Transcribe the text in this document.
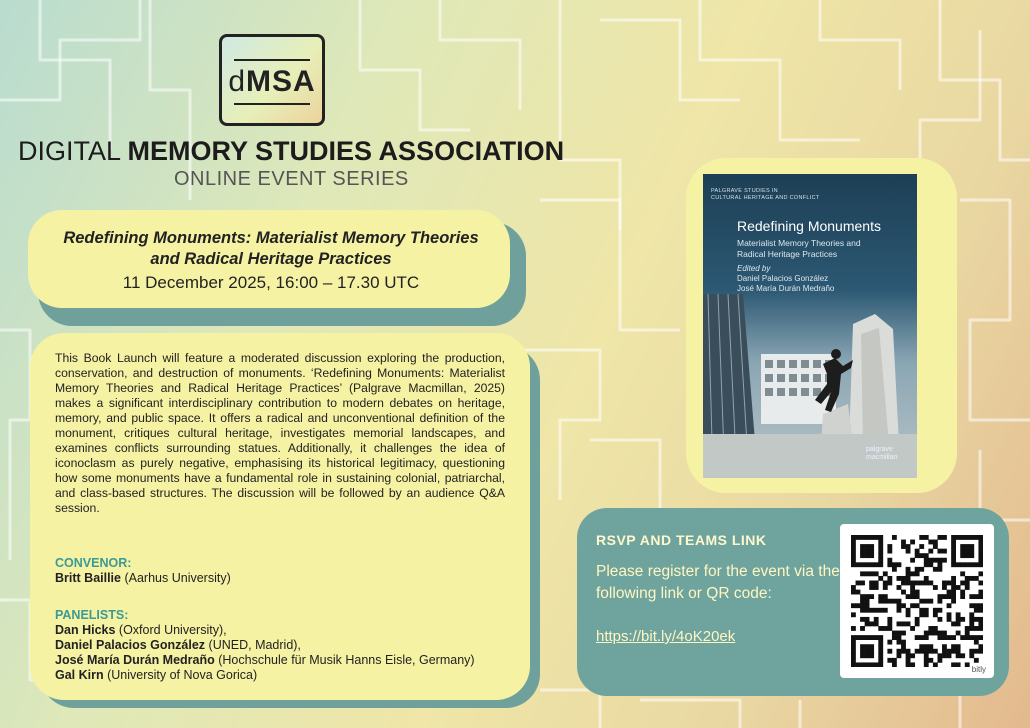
dMSA
DIGITAL MEMORY STUDIES ASSOCIATION
ONLINE EVENT SERIES
Redefining Monuments: Materialist Memory Theories and Radical Heritage Practices
11 December 2025, 16:00 – 17.30 UTC

This Book Launch will feature a moderated discussion exploring the production, conservation, and destruction of monuments. ‘Redefining Monuments: Materialist Memory Theories and Radical Heritage Practices’ (Palgrave Macmillan, 2025) makes a significant interdisciplinary contribution to modern debates on heritage, memory, and public space. It offers a radical and unconventional definition of the monument, critiques cultural heritage, investigates memorial landscapes, and examines conflicts surrounding statues. Additionally, it challenges the idea of iconoclasm as purely negative, emphasising its historical legitimacy, questioning how some monuments have a fundamental role in sustaining colonial, patriarchal, and class-based structures. The discussion will be followed by an audience Q&A session.

CONVENOR:
Britt Baillie (Aarhus University)
PANELISTS:
Dan Hicks (Oxford University),
Daniel Palacios González (UNED, Madrid),
José María Durán Medraño (Hochschule für Musik Hanns Eisle, Germany)
Gal Kirn (University of Nova Gorica)
PALGRAVE STUDIES IN
CULTURAL HERITAGE AND CONFLICT
Redefining Monuments
Materialist Memory Theories and
Radical Heritage Practices
Edited by
Daniel Palacios González
José María Durán Medraño
palgrave
macmillan
RSVP AND TEAMS LINK
Please register for the event via the following link or QR code:
https://bit.ly/4oK20ek
bitly
